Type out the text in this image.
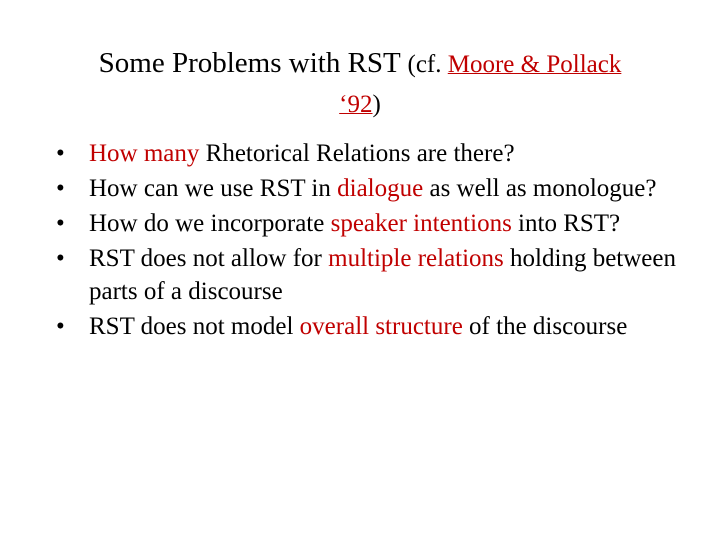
Some Problems with RST (cf. Moore & Pollack
‘92)
• How many Rhetorical Relations are there?
• How can we use RST in dialogue as well as monologue?
• How do we incorporate speaker intentions into RST?
• RST does not allow for multiple relations holding between parts of a discourse
• RST does not model overall structure of the discourse
